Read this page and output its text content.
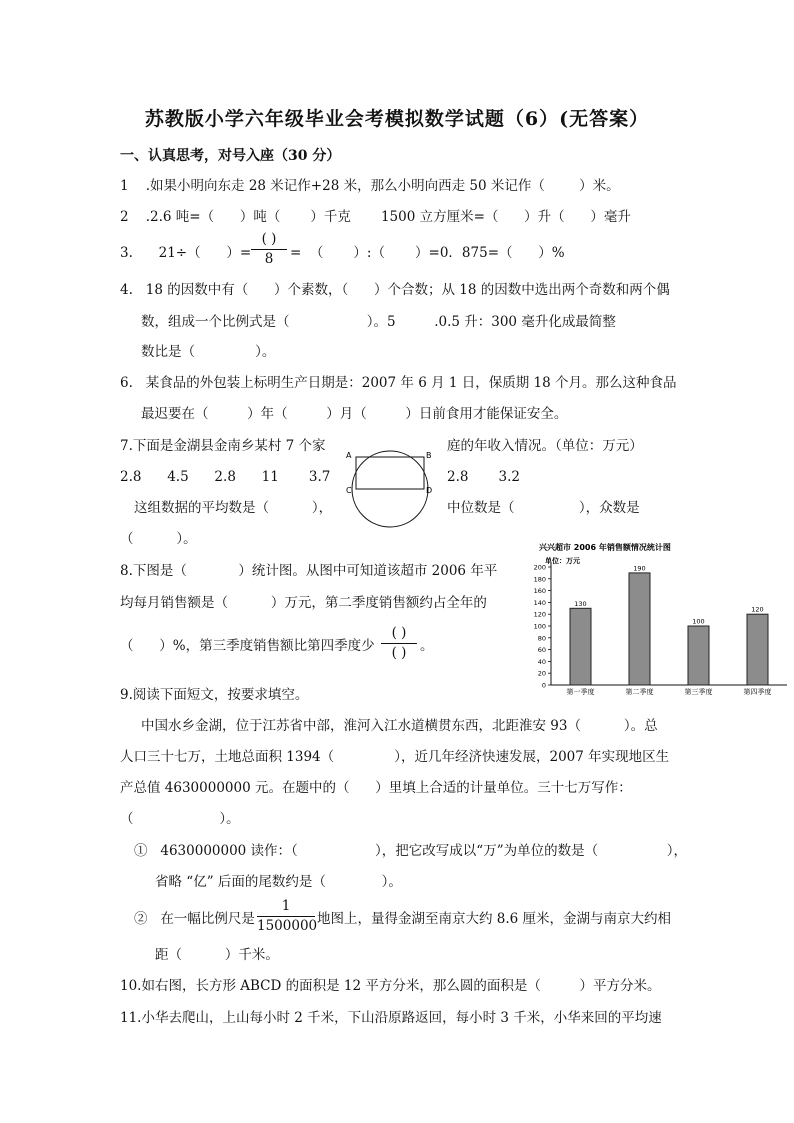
苏教版小学六年级毕业会考模拟数学试题（6）(无答案）
一、认真思考，对号入座（30 分）
1    .如果小明向东走 28 米记作+28 米，那么小明向西走 50 米记作（        ）米。
2    .2.6 吨=（      ）吨（       ）千克       1500 立方厘米=（      ）升（      ）毫升
3.      21÷（      ）=
( )
8	=  （       ）:（       ）=0．875=（      ）%
4.   18 的因数中有（      ）个素数，（      ）个合数；从 18 的因数中选出两个奇数和两个偶
数，组成一个比例式是（                  ）。5         .0.5 升：300 毫升化成最简整
数比是（              ）。
6.   某食品的外包装上标明生产日期是：2007 年 6 月 1 日，保质期 18 个月。那么这种食品
最迟要在（         ）年（         ）月（         ）日前食用才能保证安全。
7.下面是金湖县金南乡某村 7 个家	庭的年收入情况。（单位：万元）
2.8      4.5      2.8      11       3.7	2.8       3.2
这组数据的平均数是（          ），	中位数是（               ），众数是
（          ）。
A	B
C	D
8.下图是（            ）统计图。从图中可知道该超市 2006 年平
均每月销售额是（          ）万元，第二季度销售额约占全年的
（      ）%，第三季度销售额比第四季度少
( )
( )	。
兴兴超市 2006 年销售额情况统计图
单位：万元
0
20
40
60
80
100
120
140
160
180
200
130
190
100
120
第一季度	第二季度	第三季度	第四季度
9.阅读下面短文，按要求填空。
中国水乡金湖，位于江苏省中部，淮河入江水道横贯东西，北距淮安 93（          ）。总
人口三十七万，土地总面积 1394（              ），近几年经济快速发展，2007 年实现地区生
产总值 4630000000 元。在题中的（      ）里填上合适的计量单位。三十七万写作：
（                    ）。
①   4630000000 读作：（                  ），把它改写成以“万”为单位的数是（                ），
省略 “亿” 后面的尾数约是（             ）。
②   在一幅比例尺是
1
1500000 地图上，量得金湖至南京大约 8.6 厘米，金湖与南京大约相
距（          ）千米。
10.如右图，长方形 ABCD 的面积是 12 平方分米，那么圆的面积是（         ）平方分米。
11.小华去爬山，上山每小时 2 千米，下山沿原路返回，每小时 3 千米，小华来回的平均速
